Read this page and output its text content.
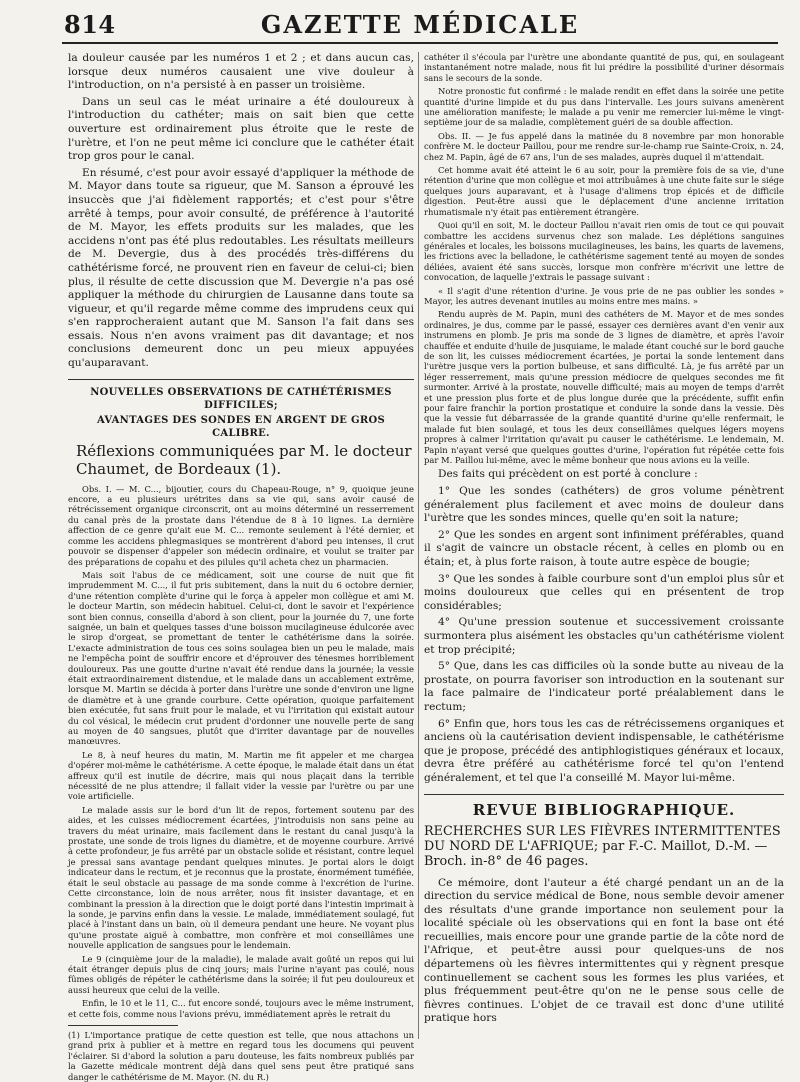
814	GAZETTE MÉDICALE

la douleur causée par les numéros 1 et 2 ; et dans aucun cas, lorsque deux numéros causaient une vive douleur à l'introduction, on n'a persisté à en passer un troisième.

Dans un seul cas le méat urinaire a été douloureux à l'introduction du cathéter; mais on sait bien que cette ouverture est ordinairement plus étroite que le reste de l'urètre, et l'on ne peut même ici conclure que le cathéter était trop gros pour le canal.

En résumé, c'est pour avoir essayé d'appliquer la méthode de M. Mayor dans toute sa rigueur, que M. Sanson a éprouvé les insuccès que j'ai fidèlement rapportés; et c'est pour s'être arrêté à temps, pour avoir consulté, de préférence à l'autorité de M. Mayor, les effets produits sur les malades, que les accidens n'ont pas été plus redoutables. Les résultats meilleurs de M. Devergie, dus à des procédés très-différens du cathétérisme forcé, ne prouvent rien en faveur de celui-ci; bien plus, il résulte de cette discussion que M. Devergie n'a pas osé appliquer la méthode du chirurgien de Lausanne dans toute sa vigueur, et qu'il regarde même comme des imprudens ceux qui s'en rapprocheraient autant que M. Sanson l'a fait dans ses essais. Nous n'en avons vraiment pas dit davantage; et nos conclusions demeurent donc un peu mieux appuyées qu'auparavant.

NOUVELLES OBSERVATIONS DE CATHÉTÉRISMES DIFFICILES;
AVANTAGES DES SONDES EN ARGENT DE GROS CALIBRE.
Réflexions communiquées par M. le docteur Chaumet, de Bordeaux (1).

Obs. I. — M. C..., bijoutier, cours du Chapeau-Rouge, n° 9, quoique jeune encore, a eu plusieurs urétrites dans sa vie qui, sans avoir causé de rétrécissement organique circonscrit, ont au moins déterminé un resserrement du canal près de la prostate dans l'étendue de 8 à 10 lignes. La dernière affection de ce genre qu'ait eue M. C... remonte seulement à l'été dernier, et comme les accidens phlegmasiques se montrèrent d'abord peu intenses, il crut pouvoir se dispenser d'appeler son médecin ordinaire, et voulut se traiter par des préparations de copahu et des pilules qu'il acheta chez un pharmacien.

Mais soit l'abus de ce médicament, soit une course de nuit que fit imprudemment M. C..., il fut pris subitement, dans la nuit du 6 octobre dernier, d'une rétention complète d'urine qui le força à appeler mon collègue et ami M. le docteur Martin, son médecin habituel. Celui-ci, dont le savoir et l'expérience sont bien connus, conseilla d'abord à son client, pour la journée du 7, une forte saignée, un bain et quelques tasses d'une boisson mucilagineuse édulcorée avec le sirop d'orgeat, se promettant de tenter le cathétérisme dans la soirée. L'exacte administration de tous ces soins soulagea bien un peu le malade, mais ne l'empêcha point de souffrir encore et d'éprouver des ténesmes horriblement douloureux. Pas une goutte d'urine n'avait été rendue dans la journée; la vessie était extraordinairement distendue, et le malade dans un accablement extrême, lorsque M. Martin se décida à porter dans l'urètre une sonde d'environ une ligne de diamètre et à une grande courbure. Cette opération, quoique parfaitement bien exécutée, fut sans fruit pour le malade, et vu l'irritation qui existait autour du col vésical, le médecin crut prudent d'ordonner une nouvelle perte de sang au moyen de 40 sangsues, plutôt que d'irriter davantage par de nouvelles manœuvres.

Le 8, à neuf heures du matin, M. Martin me fit appeler et me chargea d'opérer moi-même le cathétérisme. A cette époque, le malade était dans un état affreux qu'il est inutile de décrire, mais qui nous plaçait dans la terrible nécessité de ne plus attendre; il fallait vider la vessie par l'urètre ou par une voie artificielle.

Le malade assis sur le bord d'un lit de repos, fortement soutenu par des aides, et les cuisses médiocrement écartées, j'introduisis non sans peine au travers du méat urinaire, mais facilement dans le restant du canal jusqu'à la prostate, une sonde de trois lignes du diamètre, et de moyenne courbure. Arrivé à cette profondeur, je fus arrêté par un obstacle solide et résistant, contre lequel je pressai sans avantage pendant quelques minutes. Je portai alors le doigt indicateur dans le rectum, et je reconnus que la prostate, énormément tuméfiée, était le seul obstacle au passage de ma sonde comme à l'excrétion de l'urine. Cette circonstance, loin de nous arrêter, nous fit insister davantage, et en combinant la pression à la direction que le doigt porté dans l'intestin imprimait à la sonde, je parvins enfin dans la vessie. Le malade, immédiatement soulagé, fut placé à l'instant dans un bain, où il demeura pendant une heure. Ne voyant plus qu'une prostate aiguë à combattre, mon confrère et moi conseillâmes une nouvelle application de sangsues pour le lendemain.

Le 9 (cinquième jour de la maladie), le malade avait goûté un repos qui lui était étranger depuis plus de cinq jours; mais l'urine n'ayant pas coulé, nous fûmes obligés de répéter le cathétérisme dans la soirée; il fut peu douloureux et aussi heureux que celui de la veille.

Enfin, le 10 et le 11, C... fut encore sondé, toujours avec le même instrument, et cette fois, comme nous l'avions prévu, immédiatement après le retrait du

(1) L'importance pratique de cette question est telle, que nous attachons un grand prix à publier et à mettre en regard tous les documens qui peuvent l'éclairer. Si d'abord la solution a paru douteuse, les faits nombreux publiés par la Gazette médicale montrent déjà dans quel sens peut être pratiqué sans danger le cathétérisme de M. Mayor. (N. du R.)

cathéter il s'écoula par l'urètre une abondante quantité de pus, qui, en soulageant instantanément notre malade, nous fit lui prédire la possibilité d'uriner désormais sans le secours de la sonde.

Notre pronostic fut confirmé : le malade rendit en effet dans la soirée une petite quantité d'urine limpide et du pus dans l'intervalle. Les jours suivans amenèrent une amélioration manifeste; le malade a pu venir me remercier lui-même le vingt-septième jour de sa maladie, complètement guéri de sa double affection.

Obs. II. — Je fus appelé dans la matinée du 8 novembre par mon honorable confrère M. le docteur Paillou, pour me rendre sur-le-champ rue Sainte-Croix, n. 24, chez M. Papin, âgé de 67 ans, l'un de ses malades, auprès duquel il m'attendait.

Cet homme avait été atteint le 6 au soir, pour la première fois de sa vie, d'une rétention d'urine que mon collègue et moi attribuâmes à une chute faite sur le siége quelques jours auparavant, et à l'usage d'alimens trop épicés et de difficile digestion. Peut-être aussi que le déplacement d'une ancienne irritation rhumatismale n'y était pas entièrement étrangère.

Quoi qu'il en soit, M. le docteur Paillou n'avait rien omis de tout ce qui pouvait combattre les accidens survenus chez son malade. Les déplétions sanguines générales et locales, les boissons mucilagineuses, les bains, les quarts de lavemens, les frictions avec la belladone, le cathétérisme sagement tenté au moyen de sondes déliées, avaient été sans succès, lorsque mon confrère m'écrivit une lettre de convocation, de laquelle j'extrais le passage suivant :

« Il s'agit d'une rétention d'urine. Je vous prie de ne pas oublier les sondes » Mayor, les autres devenant inutiles au moins entre mes mains. »

Rendu auprès de M. Papin, muni des cathéters de M. Mayor et de mes sondes ordinaires, je dus, comme par le passé, essayer ces dernières avant d'en venir aux instrumens en plomb. Je pris ma sonde de 3 lignes de diamètre, et après l'avoir chauffée et enduite d'huile de jusquiame, le malade étant couché sur le bord gauche de son lit, les cuisses médiocrement écartées, je portai la sonde lentement dans l'urètre jusque vers la portion bulbeuse, et sans difficulté. Là, je fus arrêté par un léger resserrement, mais qu'une pression médiocre de quelques secondes me fit surmonter. Arrivé à la prostate, nouvelle difficulté; mais au moyen de temps d'arrêt et une pression plus forte et de plus longue durée que la précédente, suffit enfin pour faire franchir la portion prostatique et conduire la sonde dans la vessie. Dès que la vessie fut débarrassée de la grande quantité d'urine qu'elle renfermait, le malade fut bien soulagé, et tous les deux conseillâmes quelques légers moyens propres à calmer l'irritation qu'avait pu causer le cathétérisme. Le lendemain, M. Papin n'ayant versé que quelques gouttes d'urine, l'opération fut répétée cette fois par M. Paillou lui-même, avec le même bonheur que nous avions eu la veille.

Des faits qui précèdent on est porté à conclure :

1° Que les sondes (cathéters) de gros volume pénètrent généralement plus facilement et avec moins de douleur dans l'urètre que les sondes minces, quelle qu'en soit la nature;

2° Que les sondes en argent sont infiniment préférables, quand il s'agit de vaincre un obstacle récent, à celles en plomb ou en étain; et, à plus forte raison, à toute autre espèce de bougie;

3° Que les sondes à faible courbure sont d'un emploi plus sûr et moins douloureux que celles qui en présentent de trop considérables;

4° Qu'une pression soutenue et successivement croissante surmontera plus aisément les obstacles qu'un cathétérisme violent et trop précipité;

5° Que, dans les cas difficiles où la sonde butte au niveau de la prostate, on pourra favoriser son introduction en la soutenant sur la face palmaire de l'indicateur porté préalablement dans le rectum;

6° Enfin que, hors tous les cas de rétrécissemens organiques et anciens où la cautérisation devient indispensable, le cathétérisme que je propose, précédé des antiphlogistiques généraux et locaux, devra être préféré au cathétérisme forcé tel qu'on l'entend généralement, et tel que l'a conseillé M. Mayor lui-même.

REVUE BIBLIOGRAPHIQUE.
RECHERCHES SUR LES FIÈVRES INTERMITTENTES DU NORD DE L'AFRIQUE; par F.-C. Maillot, D.-M. — Broch. in-8° de 46 pages.

Ce mémoire, dont l'auteur a été chargé pendant un an de la direction du service médical de Bone, nous semble devoir amener des résultats d'une grande importance non seulement pour la localité spéciale où les observations qui en font la base ont été recueillies, mais encore pour une grande partie de la côte nord de l'Afrique, et peut-être aussi pour quelques-uns de nos départemens où les fièvres intermittentes qui y règnent presque continuellement se cachent sous les formes les plus variées, et plus fréquemment peut-être qu'on ne le pense sous celle de fièvres continues. L'objet de ce travail est donc d'une utilité pratique hors
